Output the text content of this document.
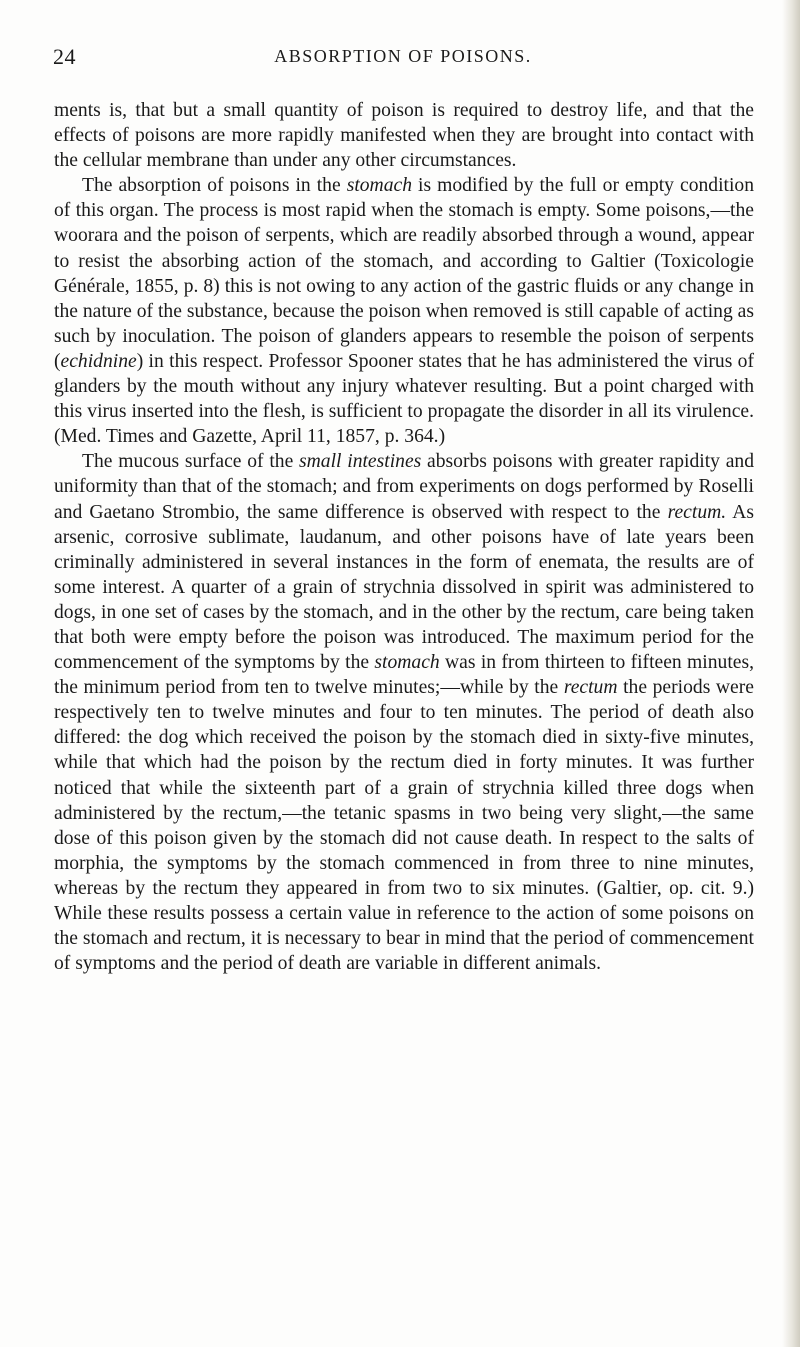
24	ABSORPTION OF POISONS.

ments is, that but a small quantity of poison is required to destroy life, and that the effects of poisons are more rapidly manifested when they are brought into contact with the cellular membrane than under any other circumstances.

The absorption of poisons in the stomach is modified by the full or empty condition of this organ. The process is most rapid when the stomach is empty. Some poisons,—the woorara and the poison of serpents, which are readily absorbed through a wound, appear to resist the absorbing action of the stomach, and according to Galtier (Toxicologie Générale, 1855, p. 8) this is not owing to any action of the gastric fluids or any change in the nature of the substance, because the poison when removed is still capable of acting as such by inoculation. The poison of glanders appears to resemble the poison of serpents (echidnine) in this respect. Professor Spooner states that he has administered the virus of glanders by the mouth without any injury whatever resulting. But a point charged with this virus inserted into the flesh, is sufficient to propagate the disorder in all its virulence. (Med. Times and Gazette, April 11, 1857, p. 364.)

The mucous surface of the small intestines absorbs poisons with greater rapidity and uniformity than that of the stomach; and from experiments on dogs performed by Roselli and Gaetano Strombio, the same difference is observed with respect to the rectum. As arsenic, corrosive sublimate, laudanum, and other poisons have of late years been criminally administered in several instances in the form of enemata, the results are of some interest. A quarter of a grain of strychnia dissolved in spirit was administered to dogs, in one set of cases by the stomach, and in the other by the rectum, care being taken that both were empty before the poison was introduced. The maximum period for the commencement of the symptoms by the stomach was in from thirteen to fifteen minutes, the minimum period from ten to twelve minutes;—while by the rectum the periods were respectively ten to twelve minutes and four to ten minutes. The period of death also differed: the dog which received the poison by the stomach died in sixty-five minutes, while that which had the poison by the rectum died in forty minutes. It was further noticed that while the sixteenth part of a grain of strychnia killed three dogs when administered by the rectum,—the tetanic spasms in two being very slight,—the same dose of this poison given by the stomach did not cause death. In respect to the salts of morphia, the symptoms by the stomach commenced in from three to nine minutes, whereas by the rectum they appeared in from two to six minutes. (Galtier, op. cit. 9.) While these results possess a certain value in reference to the action of some poisons on the stomach and rectum, it is necessary to bear in mind that the period of commencement of symptoms and the period of death are variable in different animals.
